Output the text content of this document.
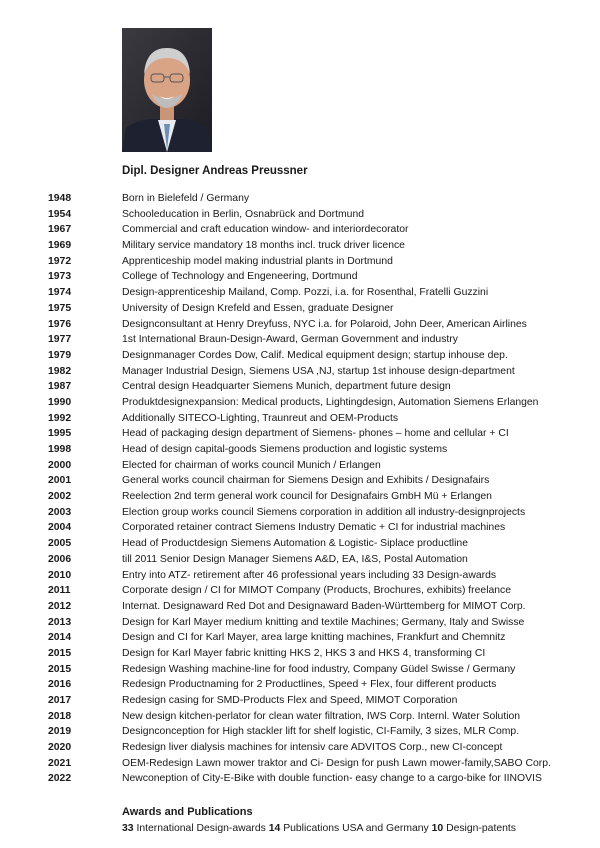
Dipl. Designer Andreas Preussner
1948	Born in Bielefeld / Germany
1954	Schooleducation in Berlin, Osnabrück and Dortmund
1967	Commercial and craft education window- and interiordecorator
1969	Military service mandatory 18 months incl. truck driver licence
1972	Apprenticeship model making industrial plants in Dortmund
1973	College of Technology and Engeneering, Dortmund
1974	Design-apprenticeship Mailand, Comp. Pozzi, i.a. for Rosenthal, Fratelli Guzzini
1975	University of Design Krefeld and Essen, graduate Designer
1976	Designconsultant at Henry Dreyfuss, NYC i.a. for Polaroid, John Deer, American Airlines
1977	1st International Braun-Design-Award, German Government and industry
1979	Designmanager Cordes Dow, Calif. Medical equipment design; startup inhouse dep.
1982	Manager Industrial Design, Siemens USA ,NJ, startup 1st inhouse design-department
1987	Central design Headquarter Siemens Munich, department future design
1990	Produktdesignexpansion: Medical products, Lightingdesign, Automation Siemens Erlangen
1992	Additionally SITECO-Lighting, Traunreut and OEM-Products
1995	Head of packaging design department of Siemens- phones – home and cellular + CI
1998	Head of design capital-goods Siemens production and logistic systems
2000	Elected for chairman of works council Munich / Erlangen
2001	General works council chairman for Siemens Design and Exhibits / Designafairs
2002	Reelection 2nd term general work council for Designafairs GmbH Mü + Erlangen
2003	Election group works council Siemens corporation in addition all industry-designprojects
2004	Corporated retainer contract Siemens Industry Dematic + CI for industrial machines
2005	Head of Productdesign Siemens Automation & Logistic- Siplace productline
2006	till 2011 Senior Design Manager Siemens A&D, EA, I&S, Postal Automation
2010	Entry into ATZ- retirement after 46 professional years including 33 Design-awards
2011	Corporate design / CI for MIMOT Company (Products, Brochures, exhibits) freelance
2012	Internat. Designaward Red Dot and Designaward Baden-Württemberg for MIMOT Corp.
2013	Design for Karl Mayer medium knitting and textile Machines; Germany, Italy and Swisse
2014	Design and CI for Karl Mayer, area large knitting machines, Frankfurt and Chemnitz
2015	Design for Karl Mayer fabric knitting HKS 2, HKS 3 and HKS 4, transforming CI
2015	Redesign Washing machine-line for food industry, Company Güdel Swisse / Germany
2016	Redesign Productnaming for 2 Productlines, Speed + Flex, four different products
2017	Redesign casing for SMD-Products Flex and Speed, MIMOT Corporation
2018	New design kitchen-perlator for clean water filtration, IWS Corp. Internl. Water Solution
2019	Designconception for High stackler lift for shelf logistic, CI-Family, 3 sizes, MLR Comp.
2020	Redesign liver dialysis machines for intensiv care ADVITOS Corp., new CI-concept
2021	OEM-Redesign Lawn mower traktor and Ci- Design for push Lawn mower-family,SABO Corp.
2022	Newconeption of City-E-Bike with double function- easy change to a cargo-bike for IINOVIS
Awards and Publications
33 International Design-awards 14 Publications USA and Germany 10 Design-patents
